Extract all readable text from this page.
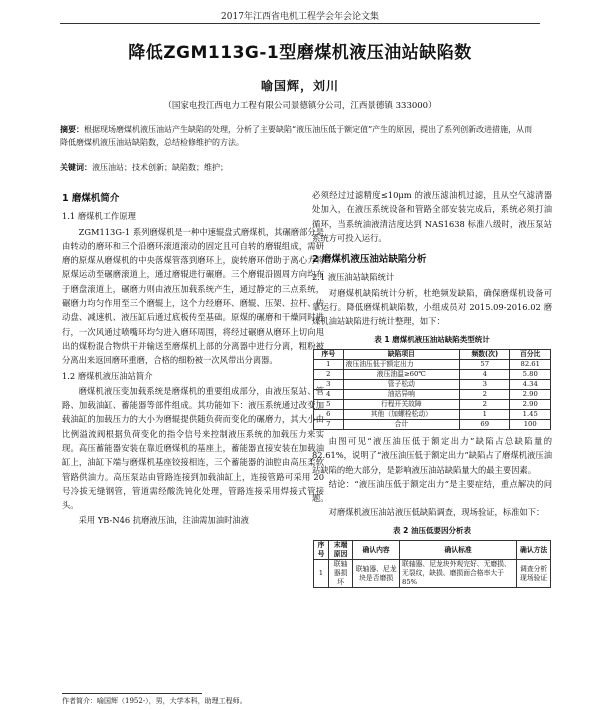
2017年江西省电机工程学会年会论文集
降低ZGM113G-1型磨煤机液压油站缺陷数
喻国辉，刘川
（国家电投江西电力工程有限公司景德镇分公司，江西景德镇 333000）
摘要：根据现场磨煤机液压油站产生缺陷的处理，分析了主要缺陷“液压油压低于额定值”产生的原因，提出了系列创新改进措施，从而降低磨煤机液压油站缺陷数，总结检修维护的方法。
关键词：液压油站；技术创新；缺陷数；维护；
1 磨煤机简介
1.1 磨煤机工作原理

ZGM113G-1 系列磨煤机是一种中速辊盘式磨煤机，其碾磨部分是由转动的磨环和三个沿磨环滚道滚动的固定且可自转的磨辊组成，需研磨的原煤从磨煤机的中央落煤管落到磨环上，旋转磨环借助于离心力将原煤运动至碾磨滚道上，通过磨辊进行碾磨。三个磨辊沿圆周方向均布于磨盘滚道上，碾磨力则由液压加载系统产生，通过静定的三点系统，碾磨力均匀作用至三个磨辊上，这个力经磨环、磨辊、压架、拉杆、传动盘、减速机、液压缸后通过底板传至基础。原煤的碾磨和干燥同时进行，一次风通过喷嘴环均匀进入磨环周围，将经过碾磨从磨环上切向甩出的煤粉混合物烘干并输送至磨煤机上部的分离器中进行分离，粗粉被分离出来返回磨环重磨，合格的细粉被一次风带出分离器。

1.2 磨煤机液压油站简介

磨煤机液压变加载系统是磨煤机的重要组成部分，由液压泵站、管路、加载油缸、蓄能器等部件组成。其功能如下：液压系统通过改变加载油缸的加载压力的大小为磨辊提供随负荷而变化的碾磨力，其大小由比例溢流阀根据负荷变化的指令信号来控制液压系统的加载压力来实现。高压蓄能器安装在靠近磨煤机的基座上，蓄能器直接安装在加载油缸上，油缸下端与磨煤机基座铰接相连，三个蓄能器的油腔由高压柔软管路供油力。高压泵站由管路连接到加载油缸上，连接管路可采用 20 号冷拔无缝钢管，管道需经酸洗钝化处理，管路连接采用焊接式管接头。

采用 YB-N46 抗磨液压油，注油需加油时油液

必须经过过滤精度≤10μm 的液压滤油机过滤，且从空气滤清器处加入，在液压系统设备和管路全部安装完成后，系统必须打油循环，当系统油液清洁度达到 NAS1638 标准八级时，液压泵站系统方可投入运行。

2 磨煤机液压油站缺陷分析
2.1 液压油站缺陷统计

对磨煤机缺陷统计分析，杜绝频发缺陷，确保磨煤机设备可靠运行。降低磨煤机缺陷数，小组成员对 2015.09-2016.02 磨煤机油站缺陷进行统计整理，如下：

表 1 磨煤机液压油站缺陷类型统计
序号	缺陷项目	频数(次)	百分比
1	液压油压低于额定出力	57	82.61
2	液压油温≥60℃	4	5.80
3	管子松动	3	4.34
4	油站异响	2	2.90
5	行程开关故障	2	2.90
6	其他（加螺栓松动）	1	1.45
7	合计	69	100

由图可见“液压油压低于额定出力”缺陷占总缺陷量的82.61%，说明了“液压油压低于额定出力”缺陷占了磨煤机液压油站缺陷的绝大部分，是影响液压油站缺陷量大的最主要因素。

结论：“液压油压低于额定出力”是主要症结，重点解决的问题。

对磨煤机液压油站液压低缺陷调查，现场验证，标准如下：

表 2 油压低要因分析表
序号	末端原因	确认内容	确认标准	确认方法
1	联轴器损坏	联轴器、尼龙块是否磨损	联轴器、尼龙块外观完好、无磨损、无裂纹，缺损、磨损面合格率大于85%	调查分析现场验证
作者简介：喻国辉（1952-），男，大学本科，助理工程师。
